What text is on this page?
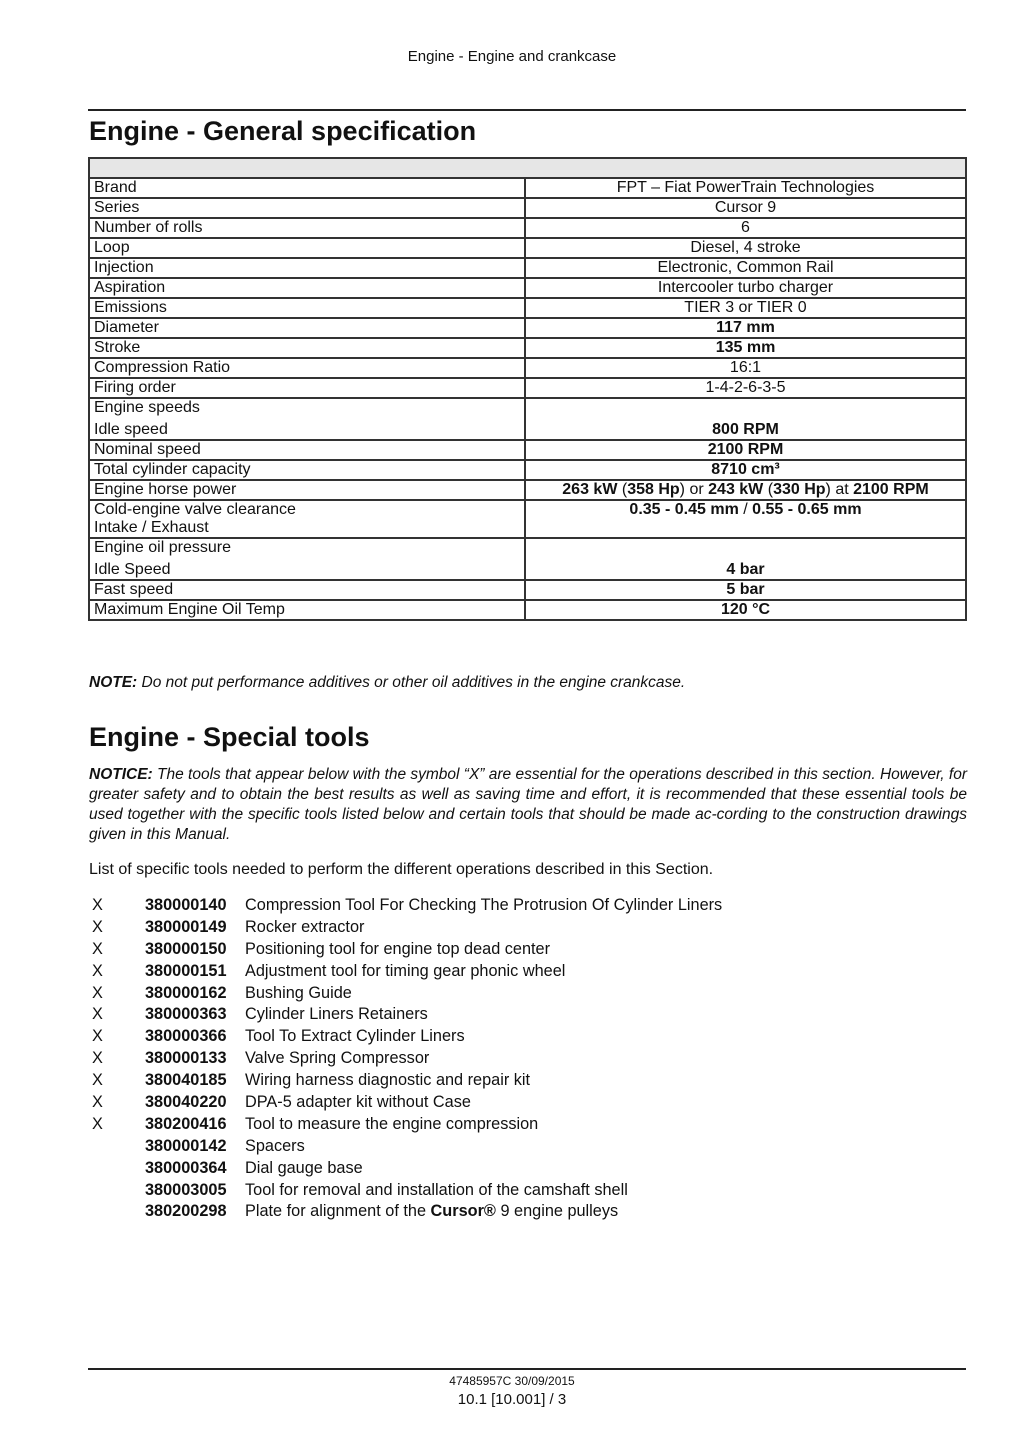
Engine - Engine and crankcase
Engine - General specification

Brand	FPT – Fiat PowerTrain Technologies
Series	Cursor 9
Number of rolls	6
Loop	Diesel, 4 stroke
Injection	Electronic, Common Rail
Aspiration	Intercooler turbo charger
Emissions	TIER 3 or TIER 0
Diameter	117 mm
Stroke	135 mm
Compression Ratio	16:1
Firing order	1-4-2-6-3-5

Engine speeds
Idle speed	800 RPM
Nominal speed	2100 RPM
Total cylinder capacity	8710 cm³
Engine horse power	263 kW (358 Hp) or 243 kW (330 Hp) at 2100 RPM

Cold-engine valve clearance
Intake / Exhaust	0.35 - 0.45 mm / 0.55 - 0.65 mm

Engine oil pressure
Idle Speed	4 bar
Fast speed	5 bar
Maximum Engine Oil Temp	120 °C
NOTE: Do not put performance additives or other oil additives in the engine crankcase.
Engine - Special tools
NOTICE: The tools that appear below with the symbol “X” are essential for the operations described in this section. However, for greater safety and to obtain the best results as well as saving time and effort, it is recommended that these essential tools be used together with the specific tools listed below and certain tools that should be made ac-cording to the construction drawings given in this Manual.
List of specific tools needed to perform the different operations described in this Section.
X	380000140 Compression Tool For Checking The Protrusion Of Cylinder Liners
X	380000149 Rocker extractor
X	380000150 Positioning tool for engine top dead center
X	380000151 Adjustment tool for timing gear phonic wheel
X	380000162 Bushing Guide
X	380000363 Cylinder Liners Retainers
X	380000366 Tool To Extract Cylinder Liners
X	380000133 Valve Spring Compressor
X	380040185 Wiring harness diagnostic and repair kit
X	380040220 DPA-5 adapter kit without Case
X	380200416 Tool to measure the engine compression
380000142 Spacers
380000364 Dial gauge base
380003005 Tool for removal and installation of the camshaft shell
380200298 Plate for alignment of the Cursor® 9 engine pulleys
47485957C 30/09/2015
10.1 [10.001] / 3
